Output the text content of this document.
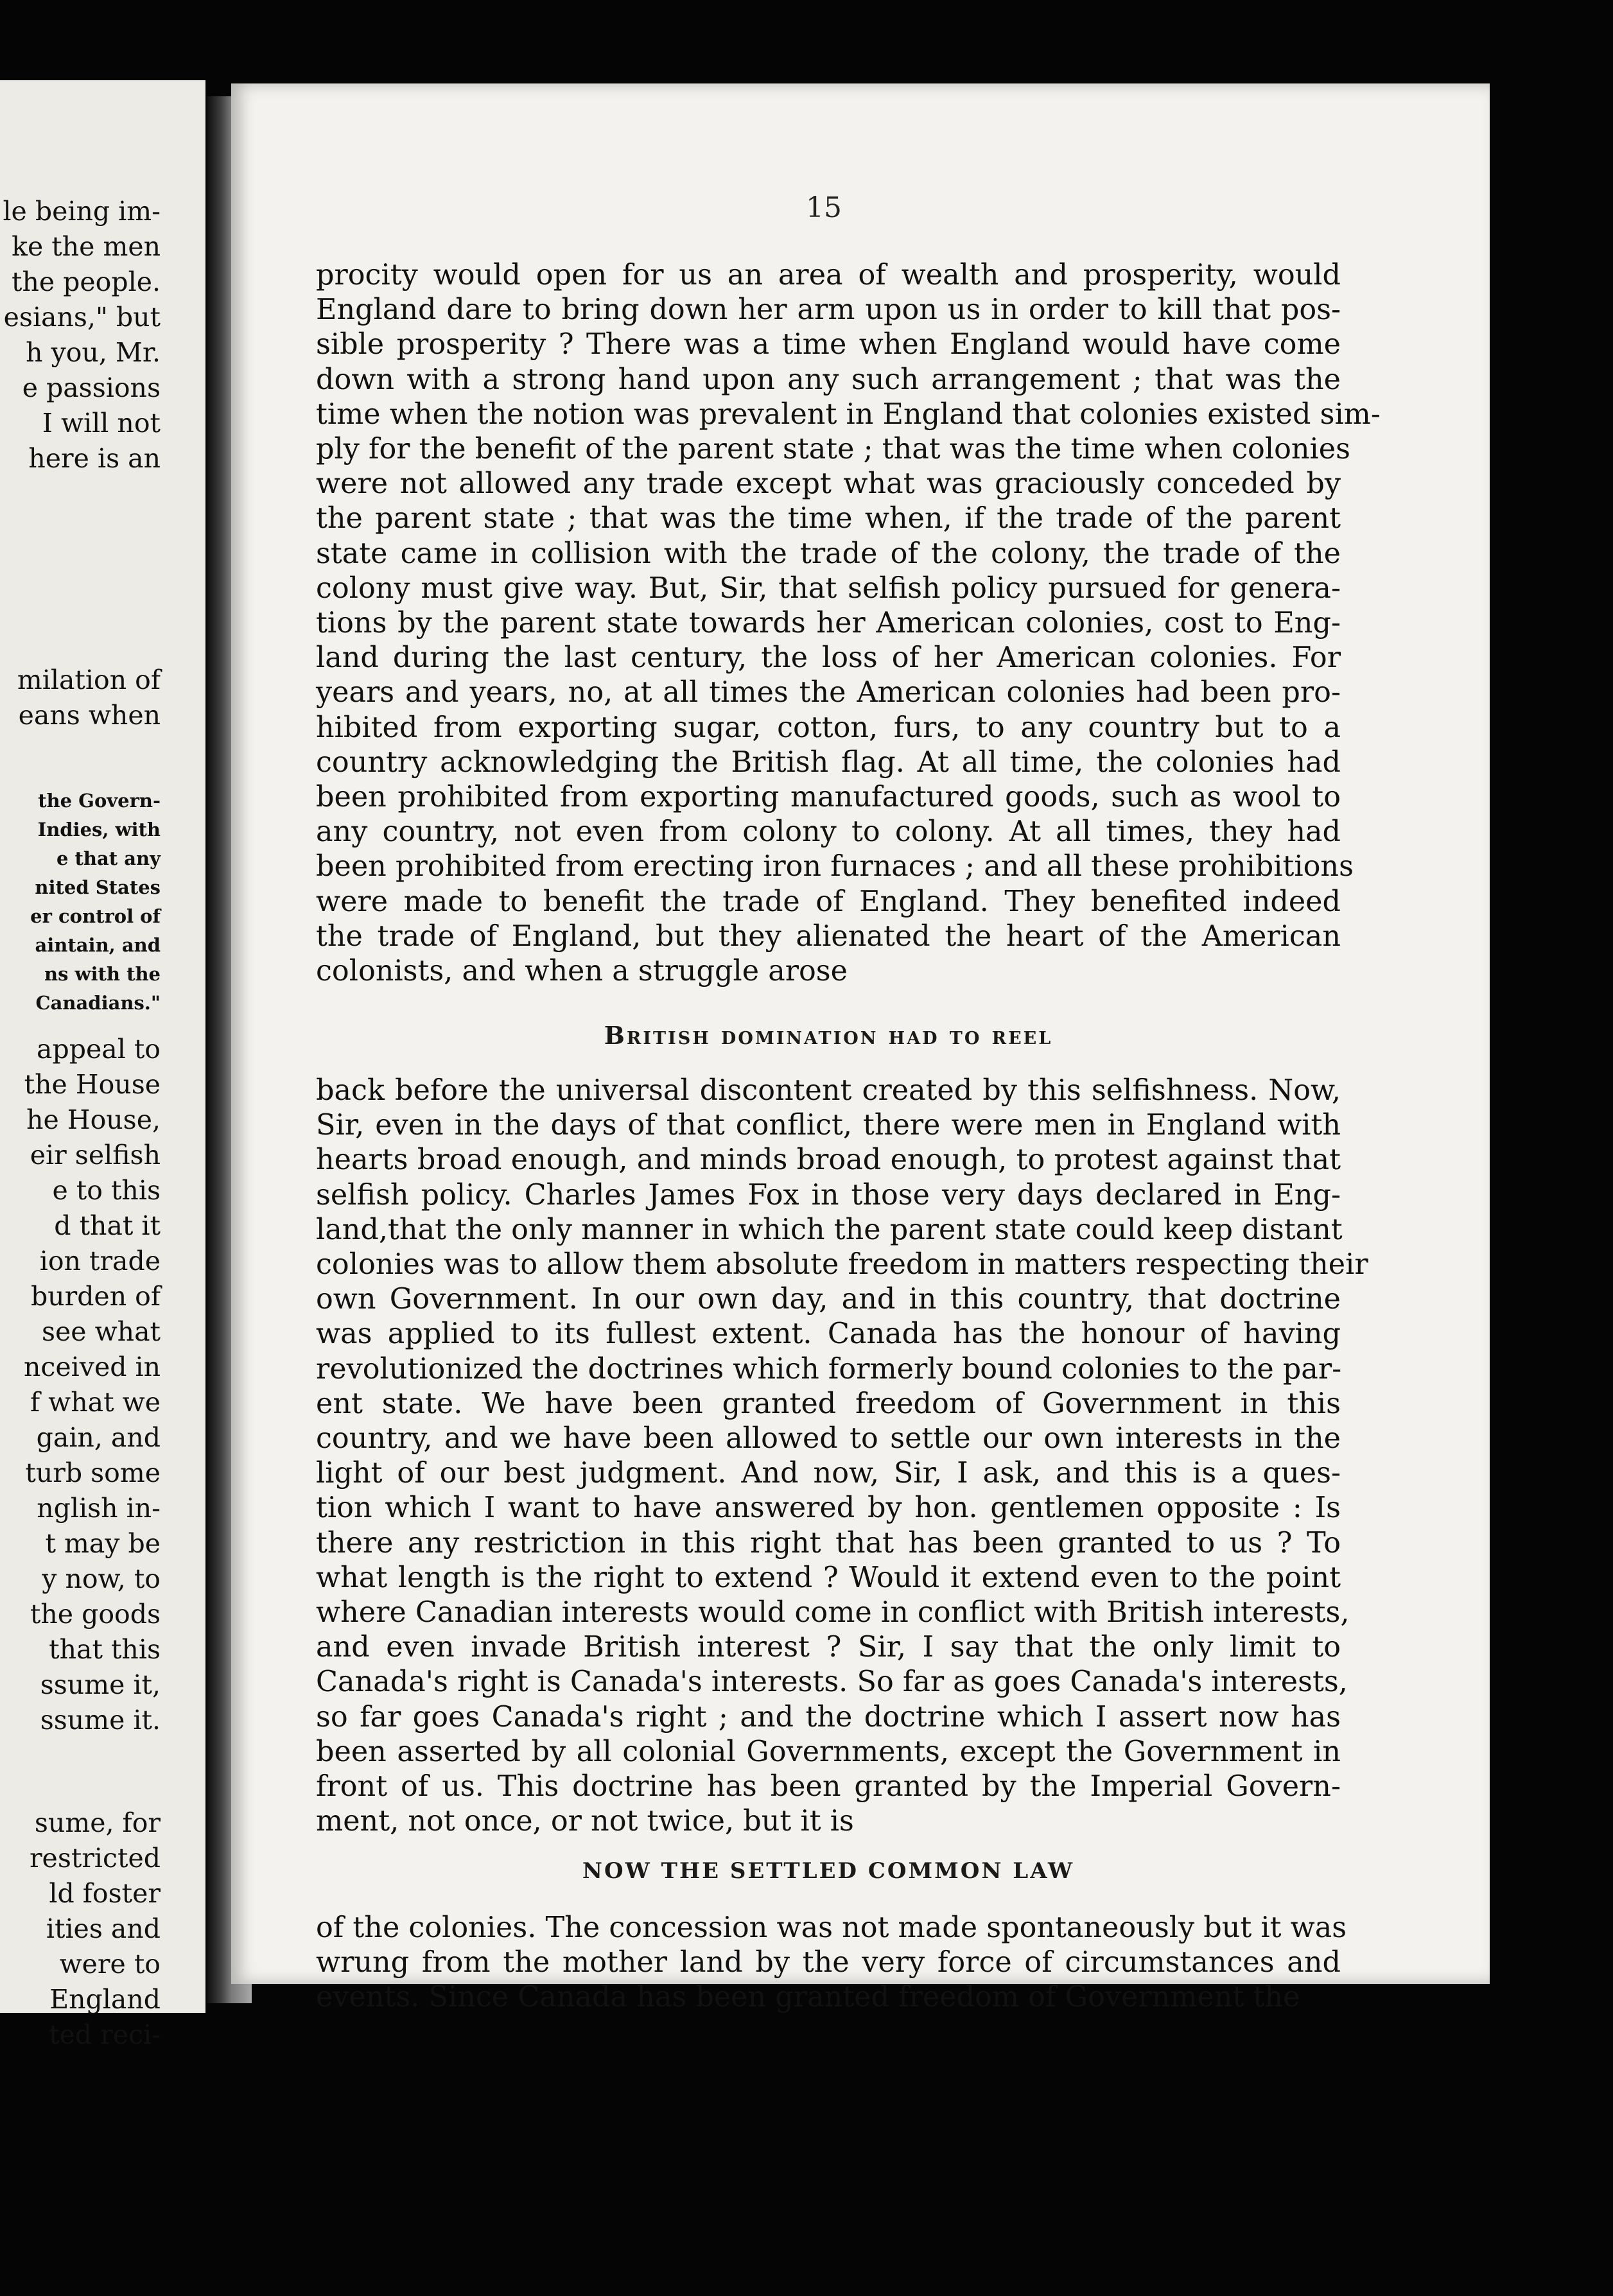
le being im-
ke the men
the people.
esians," but
h you, Mr.
e passions
I will not
here is an
milation of
eans when
the Govern-
Indies, with
e that any
nited States
er control of
aintain, and
ns with the
Canadians."
appeal to
the House
he House,
eir selfish
e to this
d that it
ion trade
burden of
see what
nceived in
f what we
gain, and
turb some
nglish in-
t may be
y now, to
the goods
that this
ssume it,
ssume it.
sume, for
restricted
ld foster
ities and
were to
England
ted reci-
15
procity would open for us an area of wealth and prosperity, would
England dare to bring down her arm upon us in order to kill that pos-
sible prosperity ? There was a time when England would have come
down with a strong hand upon any such arrangement ; that was the
time when the notion was prevalent in England that colonies existed sim-
ply for the benefit of the parent state ; that was the time when colonies
were not allowed any trade except what was graciously conceded by
the parent state ; that was the time when, if the trade of the parent
state came in collision with the trade of the colony, the trade of the
colony must give way. But, Sir, that selfish policy pursued for genera-
tions by the parent state towards her American colonies, cost to Eng-
land during the last century, the loss of her American colonies. For
years and years, no, at all times the American colonies had been pro-
hibited from exporting sugar, cotton, furs, to any country but to a
country acknowledging the British flag. At all time, the colonies had
been prohibited from exporting manufactured goods, such as wool to
any country, not even from colony to colony. At all times, they had
been prohibited from erecting iron furnaces ; and all these prohibitions
were made to benefit the trade of England. They benefited indeed
the trade of England, but they alienated the heart of the American
colonists, and when a struggle arose
British domination had to reel
back before the universal discontent created by this selfishness. Now,
Sir, even in the days of that conflict, there were men in England with
hearts broad enough, and minds broad enough, to protest against that
selfish policy. Charles James Fox in those very days declared in Eng-
land,that the only manner in which the parent state could keep distant
colonies was to allow them absolute freedom in matters respecting their
own Government. In our own day, and in this country, that doctrine
was applied to its fullest extent. Canada has the honour of having
revolutionized the doctrines which formerly bound colonies to the par-
ent state. We have been granted freedom of Government in this
country, and we have been allowed to settle our own interests in the
light of our best judgment. And now, Sir, I ask, and this is a ques-
tion which I want to have answered by hon. gentlemen opposite : Is
there any restriction in this right that has been granted to us ? To
what length is the right to extend ? Would it extend even to the point
where Canadian interests would come in conflict with British interests,
and even invade British interest ? Sir, I say that the only limit to
Canada's right is Canada's interests. So far as goes Canada's interests,
so far goes Canada's right ; and the doctrine which I assert now has
been asserted by all colonial Governments, except the Government in
front of us. This doctrine has been granted by the Imperial Govern-
ment, not once, or not twice, but it is
NOW THE SETTLED COMMON LAW
of the colonies. The concession was not made spontaneously but it was
wrung from the mother land by the very force of circumstances and
events. Since Canada has been granted freedom of Government the
